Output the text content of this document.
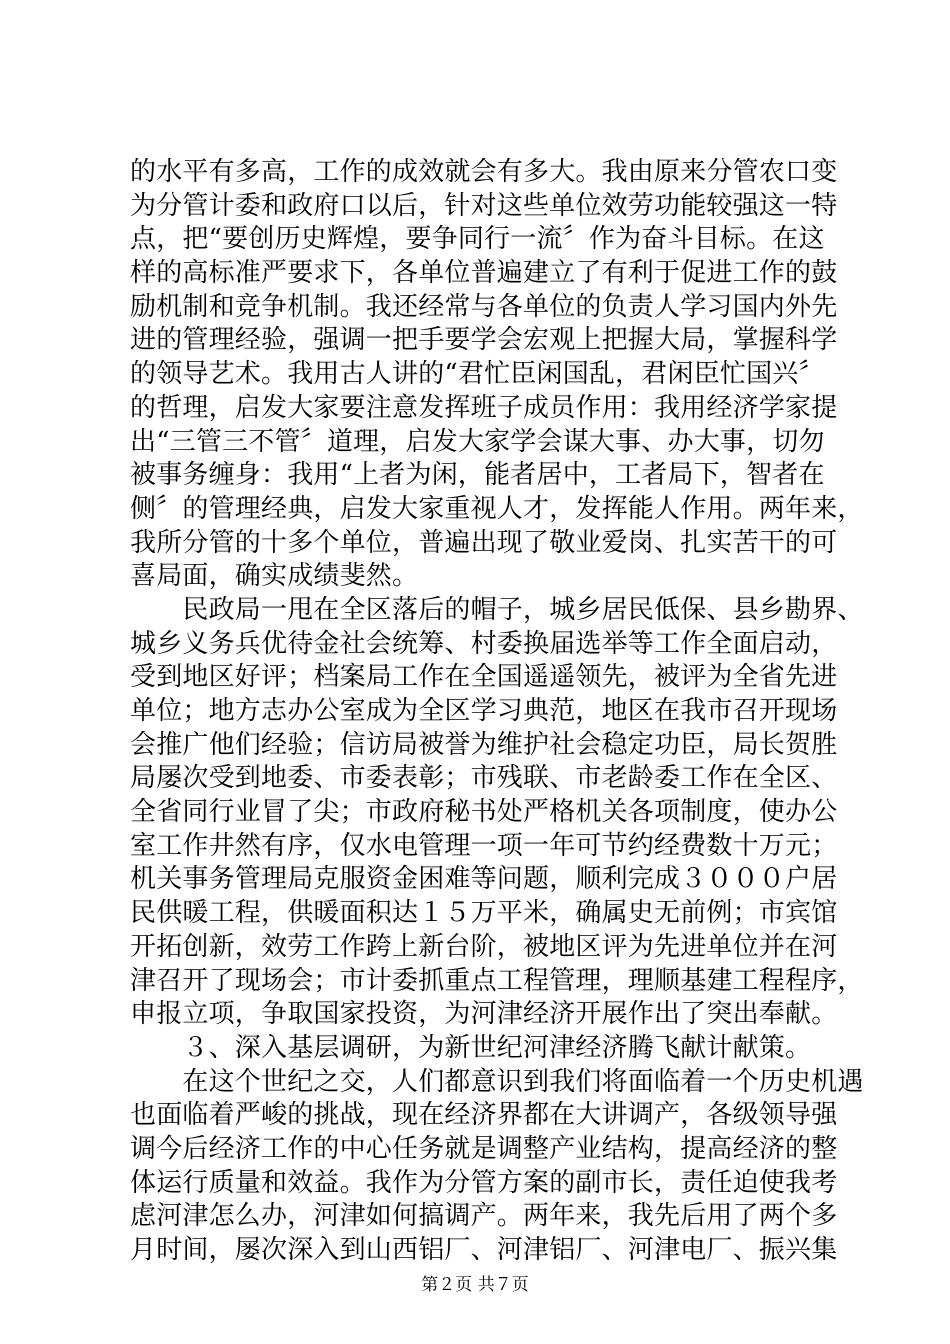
的水平有多高，工作的成效就会有多大。我由原来分管农口变
为分管计委和政府口以后，针对这些单位效劳功能较强这一特
点，把“要创历史辉煌，要争同行一流〞作为奋斗目标。在这
样的高标准严要求下，各单位普遍建立了有利于促进工作的鼓
励机制和竞争机制。我还经常与各单位的负责人学习国内外先
进的管理经验，强调一把手要学会宏观上把握大局，掌握科学
的领导艺术。我用古人讲的“君忙臣闲国乱，君闲臣忙国兴〞
的哲理，启发大家要注意发挥班子成员作用：我用经济学家提
出“三管三不管〞道理，启发大家学会谋大事、办大事，切勿
被事务缠身：我用“上者为闲，能者居中，工者局下，智者在
侧〞的管理经典，启发大家重视人才，发挥能人作用。两年来，
我所分管的十多个单位，普遍出现了敬业爱岗、扎实苦干的可
喜局面，确实成绩斐然。
　　民政局一甩在全区落后的帽子，城乡居民低保、县乡勘界、
城乡义务兵优待金社会统筹、村委换届选举等工作全面启动，
受到地区好评；档案局工作在全国遥遥领先，被评为全省先进
单位；地方志办公室成为全区学习典范，地区在我市召开现场
会推广他们经验；信访局被誉为维护社会稳定功臣，局长贺胜
局屡次受到地委、市委表彰；市残联、市老龄委工作在全区、
全省同行业冒了尖；市政府秘书处严格机关各项制度，使办公
室工作井然有序，仅水电管理一项一年可节约经费数十万元；
机关事务管理局克服资金困难等问题，顺利完成３０００户居
民供暖工程，供暖面积达１５万平米，确属史无前例；市宾馆
开拓创新，效劳工作跨上新台阶，被地区评为先进单位并在河
津召开了现场会；市计委抓重点工程管理，理顺基建工程程序，
申报立项，争取国家投资，为河津经济开展作出了突出奉献。
　　３、深入基层调研，为新世纪河津经济腾飞献计献策。
　　在这个世纪之交，人们都意识到我们将面临着一个历史机遇
也面临着严峻的挑战，现在经济界都在大讲调产，各级领导强
调今后经济工作的中心任务就是调整产业结构，提高经济的整
体运行质量和效益。我作为分管方案的副市长，责任迫使我考
虑河津怎么办，河津如何搞调产。两年来，我先后用了两个多
月时间，屡次深入到山西铝厂、河津铝厂、河津电厂、振兴集
第２页 共７页
